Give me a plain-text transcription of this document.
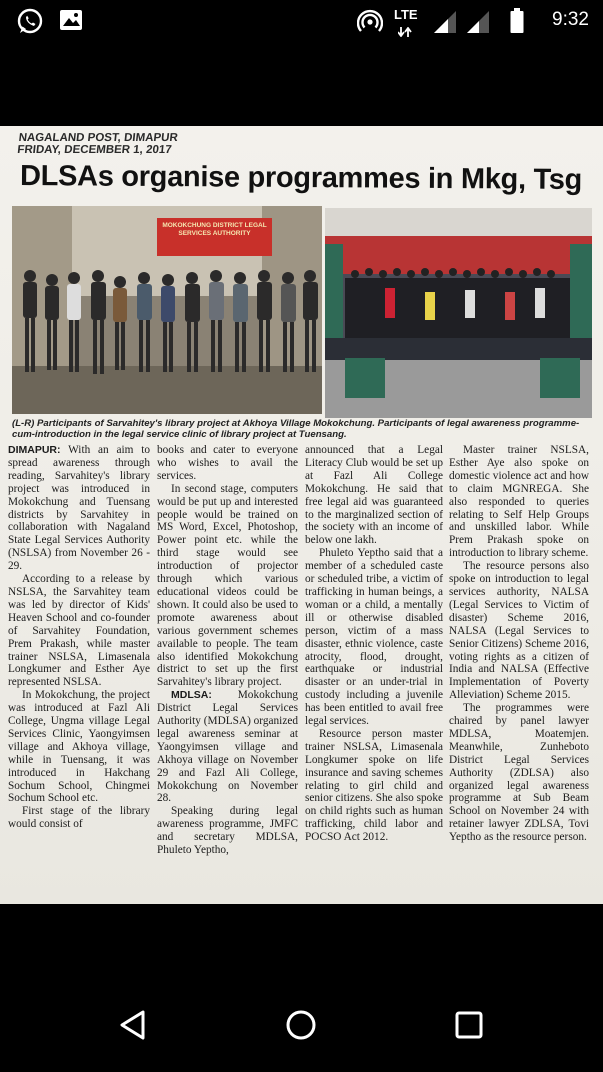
LTE	9:32
NAGALAND POST, DIMAPUR
FRIDAY, DECEMBER 1, 2017
DLSAs organise programmes in Mkg, Tsg
MOKOKCHUNG DISTRICT LEGAL SERVICES AUTHORITY
(L-R) Participants of Sarvahitey's library project at Akhoya Village Mokokchung. Participants of legal awareness programme-cum-introduction in the legal service clinic of library project at Tuensang.

DIMAPUR: With an aim to spread awareness through reading, Sarvahitey's library project was introduced in Mokokchung and Tuensang districts by Sarvahitey in collaboration with Nagaland State Legal Services Authority (NSLSA) from November 26 - 29.

According to a release by NSLSA, the Sarvahitey team was led by director of Kids' Heaven School and co-founder of Sarvahitey Foundation, Prem Prakash, while master trainer NSLSA, Limasenala Longkumer and Esther Aye represented NSLSA.

In Mokokchung, the project was introduced at Fazl Ali College, Ungma village Legal Services Clinic, Yaongyimsen village and Akhoya village, while in Tuensang, it was introduced in Hakchang Sochum School, Chingmei Sochum School etc.

First stage of the library would consist of

books and cater to everyone who wishes to avail the services.

In second stage, computers would be put up and interested people would be trained on MS Word, Excel, Photoshop, Power point etc. while the third stage would see introduction of projector through which various educational videos could be shown. It could also be used to promote awareness about various government schemes available to people. The team also identified Mokokchung district to set up the first Sarvahitey's library project.

MDLSA: Mokokchung District Legal Services Authority (MDLSA) organized legal awareness seminar at Yaongyimsen village and Akhoya village on November 29 and Fazl Ali College, Mokokchung on November 28.

Speaking during legal awareness programme, JMFC and secretary MDLSA, Phuleto Yeptho,

announced that a Legal Literacy Club would be set up at Fazl Ali College Mokokchung. He said that free legal aid was guaranteed to the marginalized section of the society with an income of below one lakh.

Phuleto Yeptho said that a member of a scheduled caste or scheduled tribe, a victim of trafficking in human beings, a woman or a child, a mentally ill or otherwise disabled person, victim of a mass disaster, ethnic violence, caste atrocity, flood, drought, earthquake or industrial disaster or an under-trial in custody including a juvenile has been entitled to avail free legal services.

Resource person master trainer NSLSA, Limasenala Longkumer spoke on life insurance and saving schemes relating to girl child and senior citizens. She also spoke on child rights such as human trafficking, child labor and POCSO Act 2012.

Master trainer NSLSA, Esther Aye also spoke on domestic violence act and how to claim MGNREGA. She also responded to queries relating to Self Help Groups and unskilled labor. While Prem Prakash spoke on introduction to library scheme.

The resource persons also spoke on introduction to legal services authority, NALSA (Legal Services to Victim of disaster) Scheme 2016, NALSA (Legal Services to Senior Citizens) Scheme 2016, voting rights as a citizen of India and NALSA (Effective Implementation of Poverty Alleviation) Scheme 2015.

The programmes were chaired by panel lawyer MDLSA, Moatemjen. Meanwhile, Zunheboto District Legal Services Authority (ZDLSA) also organized legal awareness programme at Sub Beam School on November 24 with retainer lawyer ZDLSA, Tovi Yeptho as the resource person.
